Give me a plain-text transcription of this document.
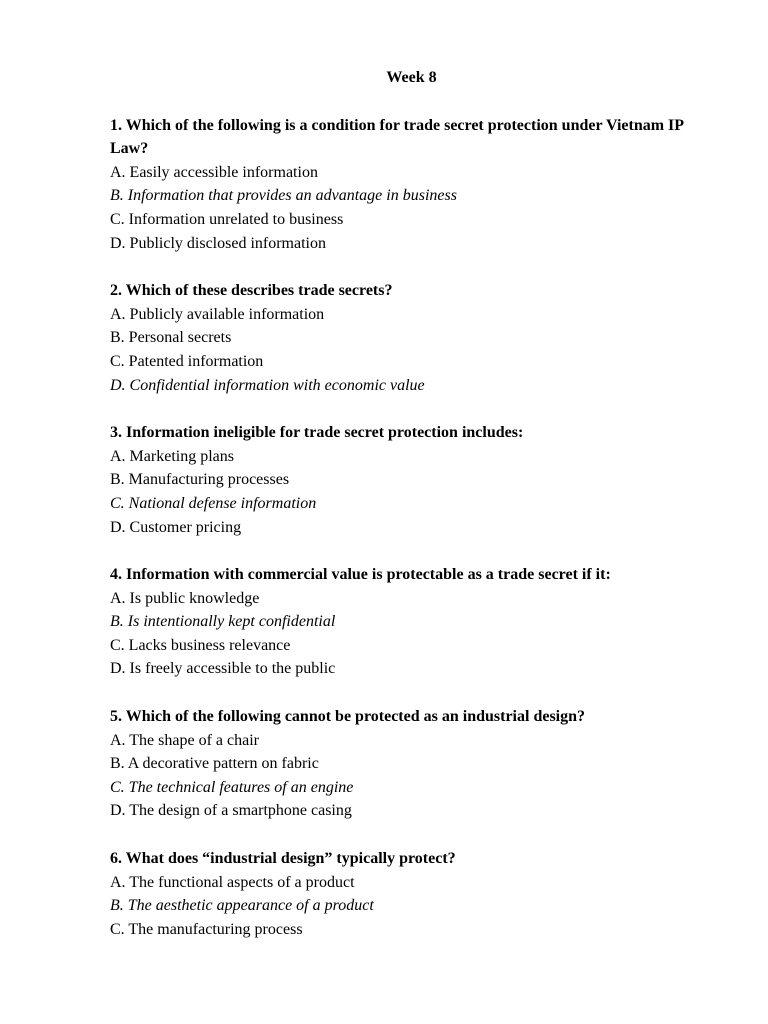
Week 8

1. Which of the following is a condition for trade secret protection under Vietnam IP Law?

A. Easily accessible information

B. Information that provides an advantage in business

C. Information unrelated to business

D. Publicly disclosed information

2. Which of these describes trade secrets?

A. Publicly available information

B. Personal secrets

C. Patented information

D. Confidential information with economic value

3. Information ineligible for trade secret protection includes:

A. Marketing plans

B. Manufacturing processes

C. National defense information

D. Customer pricing

4. Information with commercial value is protectable as a trade secret if it:

A. Is public knowledge

B. Is intentionally kept confidential

C. Lacks business relevance

D. Is freely accessible to the public

5. Which of the following cannot be protected as an industrial design?

A. The shape of a chair

B. A decorative pattern on fabric

C. The technical features of an engine

D. The design of a smartphone casing

6. What does “industrial design” typically protect?

A. The functional aspects of a product

B. The aesthetic appearance of a product

C. The manufacturing process
